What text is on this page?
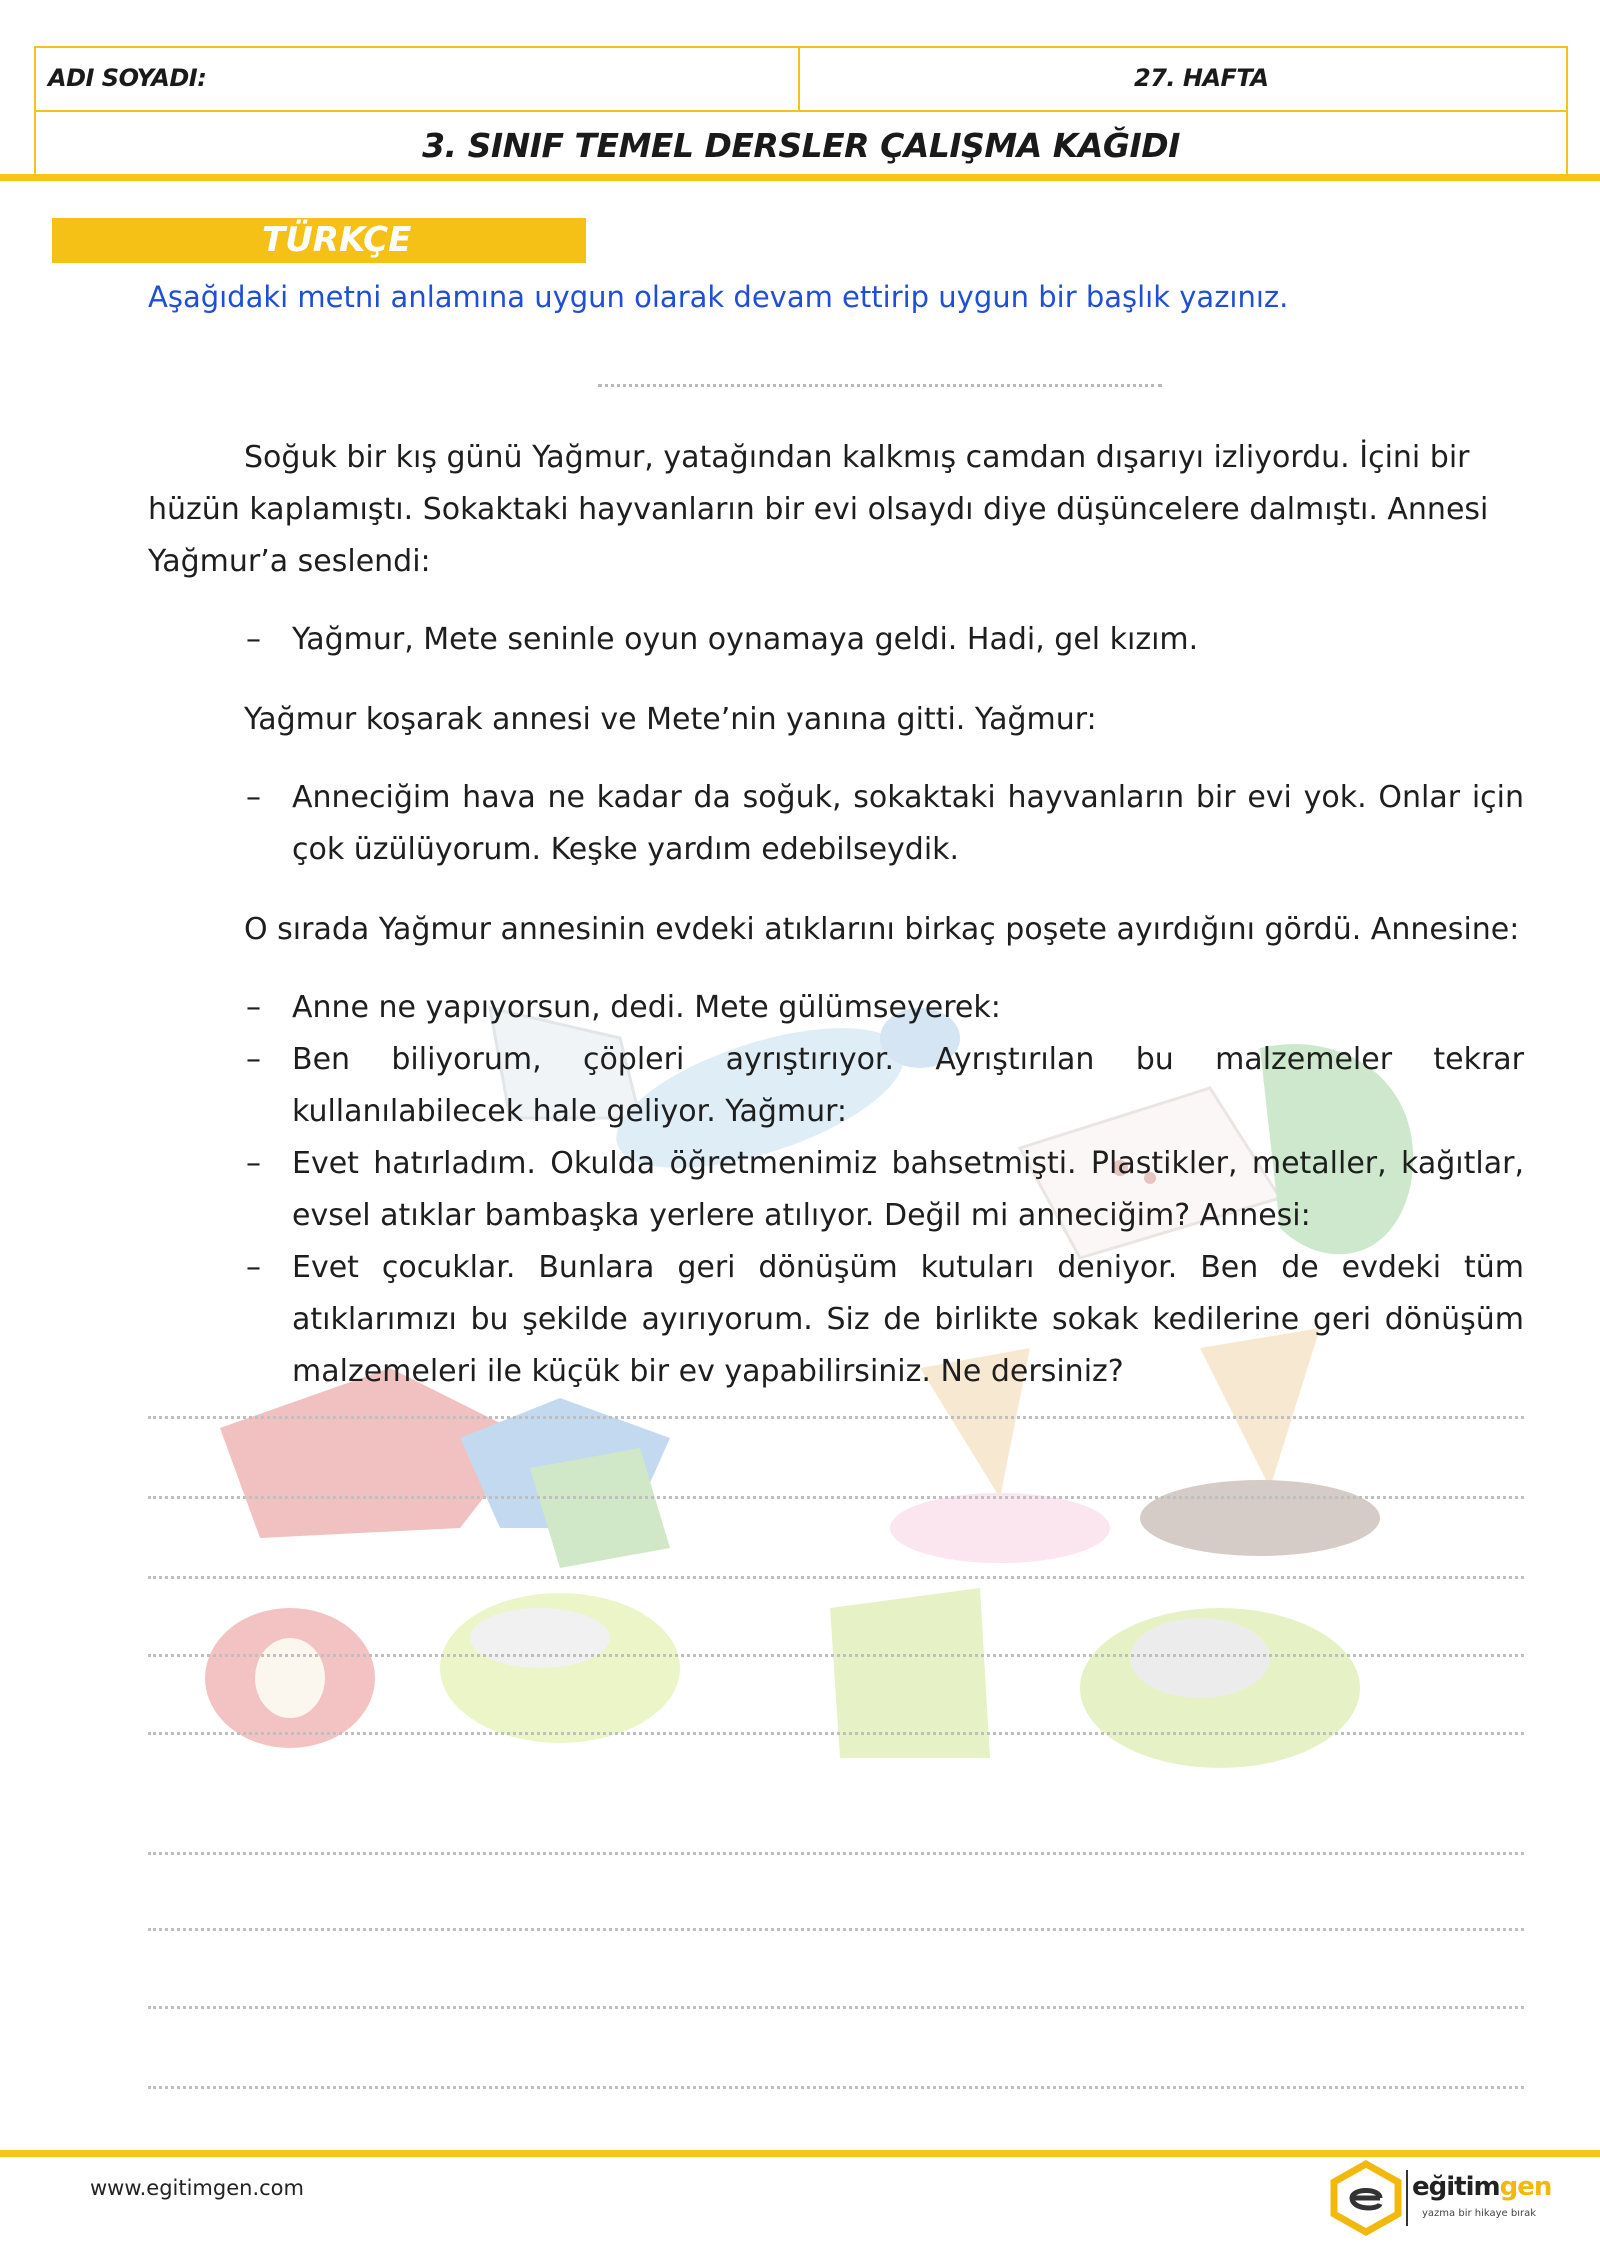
ADI SOYADI:	27. HAFTA
3. SINIF TEMEL DERSLER ÇALIŞMA KAĞIDI
TÜRKÇE
Aşağıdaki metni anlamına uygun olarak devam ettirip uygun bir başlık yazınız.
Soğuk bir kış günü Yağmur, yatağından kalkmış camdan dışarıyı izliyordu. İçini bir hüzün kaplamıştı. Sokaktaki hayvanların bir evi olsaydı diye düşüncelere dalmıştı. Annesi Yağmur’a seslendi:
– Yağmur, Mete seninle oyun oynamaya geldi. Hadi, gel kızım.
Yağmur koşarak annesi ve Mete’nin yanına gitti. Yağmur:
– Anneciğim hava ne kadar da soğuk, sokaktaki hayvanların bir evi yok. Onlar için çok üzülüyorum. Keşke yardım edebilseydik.
O sırada Yağmur annesinin evdeki atıklarını birkaç poşete ayırdığını gördü. Annesine:
– Anne ne yapıyorsun, dedi. Mete gülümseyerek:
– Ben biliyorum, çöpleri ayrıştırıyor. Ayrıştırılan bu malzemeler tekrar kullanılabilecek hale geliyor. Yağmur:
– Evet hatırladım. Okulda öğretmenimiz bahsetmişti. Plastikler, metaller, kağıtlar, evsel atıklar bambaşka yerlere atılıyor. Değil mi anneciğim? Annesi:
– Evet çocuklar. Bunlara geri dönüşüm kutuları deniyor. Ben de evdeki tüm atıklarımızı bu şekilde ayırıyorum. Siz de birlikte sokak kedilerine geri dönüşüm malzemeleri ile küçük bir ev yapabilirsiniz. Ne dersiniz?
www.egitimgen.com	eğitimgen
yazma bir hikaye bırak
